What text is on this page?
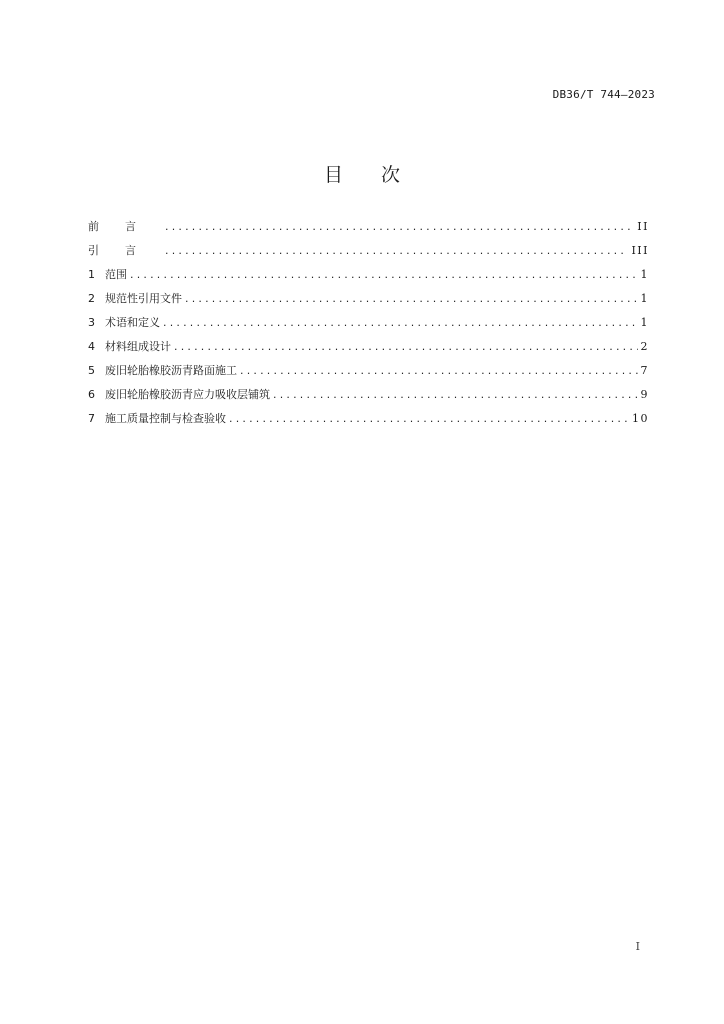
DB36/T 744—2023
目 次
前言 .....	II
引言 .....	III
1 范围 .....	1
2 规范性引用文件 .....	1
3 术语和定义 .....	1
4 材料组成设计 .....	2
5 废旧轮胎橡胶沥青路面施工 .....	7
6 废旧轮胎橡胶沥青应力吸收层铺筑 .....	9
7 施工质量控制与检查验收 .....	10
I
